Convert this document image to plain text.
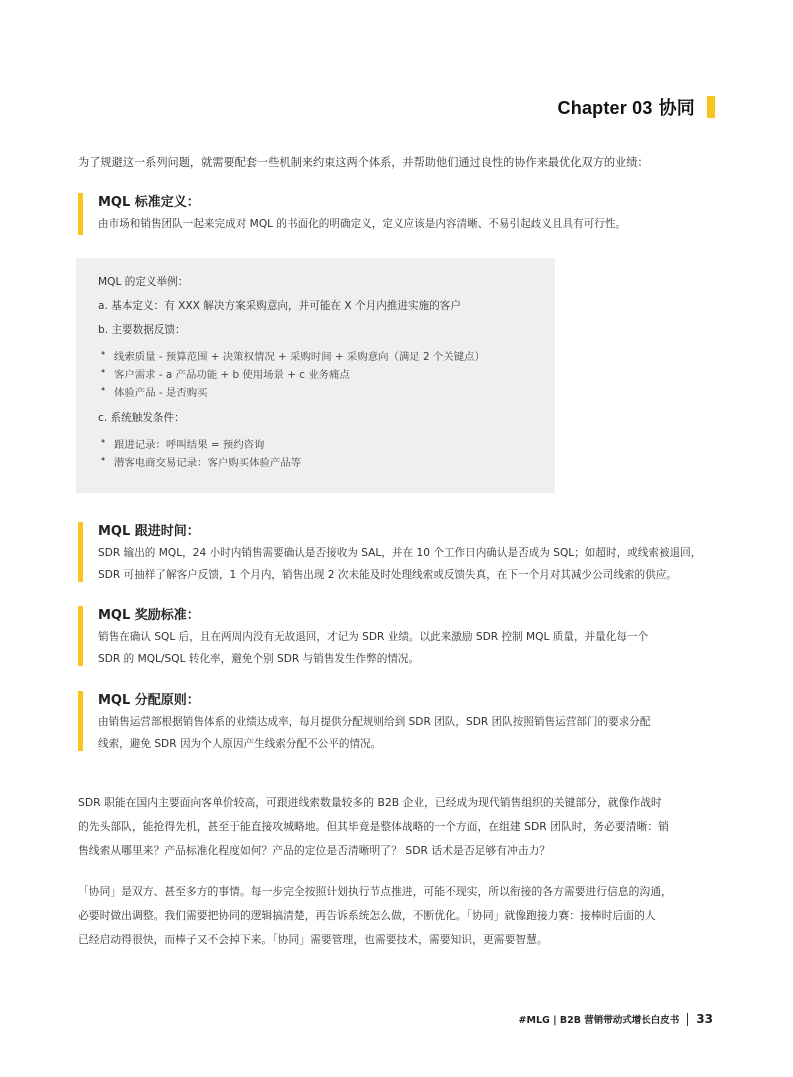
Chapter 03 协同

为了规避这一系列问题，就需要配套一些机制来约束这两个体系，并帮助他们通过良性的协作来最优化双方的业绩：

MQL 标准定义：
由市场和销售团队一起来完成对 MQL 的书面化的明确定义，定义应该是内容清晰、不易引起歧义且具有可行性。
MQL 的定义举例：
a. 基本定义：有 XXX 解决方案采购意向，并可能在 X 个月内推进实施的客户
b. 主要数据反馈：
• 线索质量 - 预算范围 + 决策权情况 + 采购时间 + 采购意向（满足 2 个关键点）
• 客户需求 - a 产品功能 + b 使用场景 + c 业务痛点
• 体验产品 - 是否购买
c. 系统触发条件：
• 跟进记录：呼叫结果 = 预约咨询
• 潜客电商交易记录：客户购买体验产品等
MQL 跟进时间：
SDR 输出的 MQL，24 小时内销售需要确认是否接收为 SAL，并在 10 个工作日内确认是否成为 SQL；如超时，或线索被退回，
SDR 可抽样了解客户反馈，1 个月内，销售出现 2 次未能及时处理线索或反馈失真，在下一个月对其减少公司线索的供应。
MQL 奖励标准：
销售在确认 SQL 后，且在两周内没有无故退回，才记为 SDR 业绩。以此来激励 SDR 控制 MQL 质量，并量化每一个
SDR 的 MQL/SQL 转化率，避免个别 SDR 与销售发生作弊的情况。
MQL 分配原则：
由销售运营部根据销售体系的业绩达成率，每月提供分配规则给到 SDR 团队，SDR 团队按照销售运营部门的要求分配
线索，避免 SDR 因为个人原因产生线索分配不公平的情况。
SDR 职能在国内主要面向客单价较高，可跟进线索数量较多的 B2B 企业，已经成为现代销售组织的关键部分，就像作战时
的先头部队，能抢得先机，甚至于能直接攻城略地。但其毕竟是整体战略的一个方面，在组建 SDR 团队时，务必要清晰：销
售线索从哪里来？产品标准化程度如何？产品的定位是否清晰明了？ SDR 话术是否足够有冲击力？
「协同」是双方、甚至多方的事情。每一步完全按照计划执行节点推进，可能不现实，所以衔接的各方需要进行信息的沟通，
必要时做出调整。我们需要把协同的逻辑搞清楚，再告诉系统怎么做，不断优化。「协同」就像跑接力赛：接棒时后面的人
已经启动得很快，而棒子又不会掉下来。「协同」需要管理，也需要技术，需要知识，更需要智慧。
#MLG | B2B 营销带动式增长白皮书 33
